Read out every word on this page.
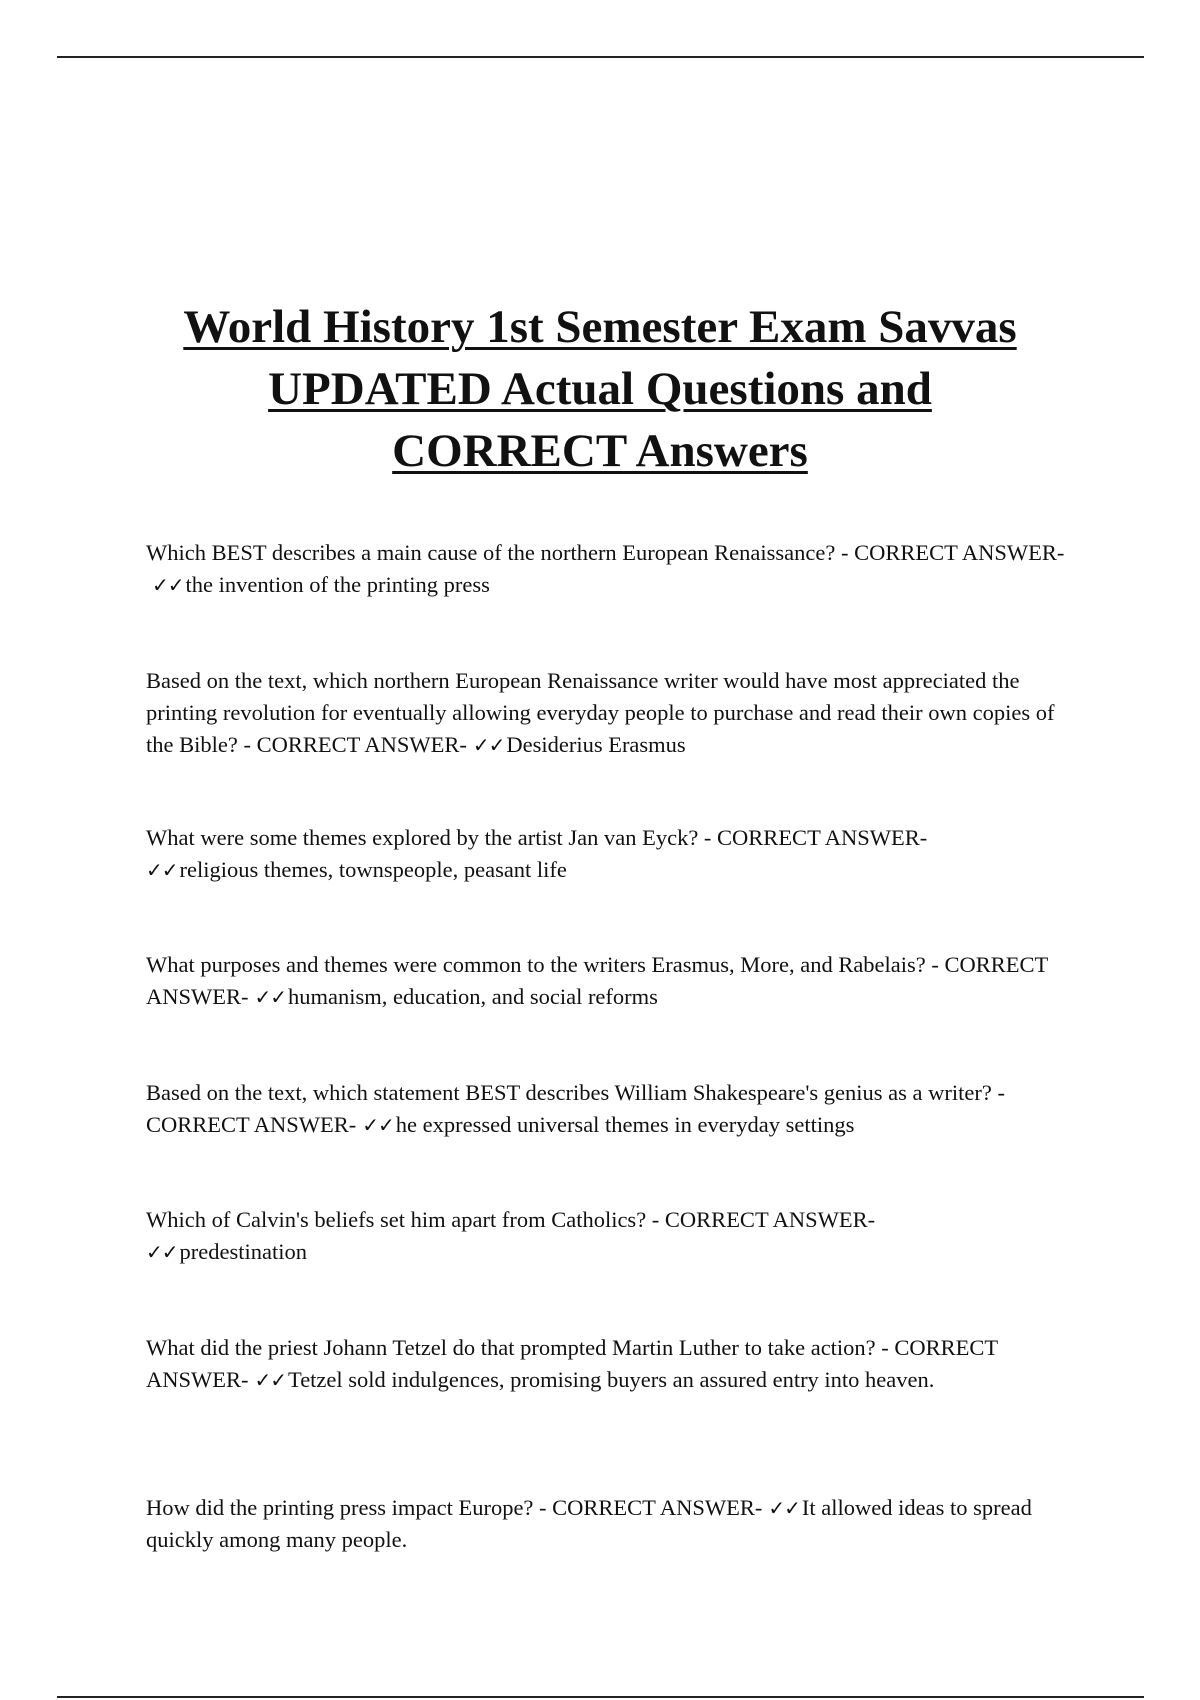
World History 1st Semester Exam Savvas
UPDATED Actual Questions and
CORRECT Answers

Which BEST describes a main cause of the northern European Renaissance? - CORRECT ANSWER-✓✓the invention of the printing press

Based on the text, which northern European Renaissance writer would have most appreciated the printing revolution for eventually allowing everyday people to purchase and read their own copies of the Bible? - CORRECT ANSWER- ✓✓Desiderius Erasmus

What were some themes explored by the artist Jan van Eyck? - CORRECT ANSWER-
✓✓religious themes, townspeople, peasant life

What purposes and themes were common to the writers Erasmus, More, and Rabelais? - CORRECT ANSWER- ✓✓humanism, education, and social reforms

Based on the text, which statement BEST describes William Shakespeare's genius as a writer? - CORRECT ANSWER- ✓✓he expressed universal themes in everyday settings

Which of Calvin's beliefs set him apart from Catholics? - CORRECT ANSWER-
✓✓predestination

What did the priest Johann Tetzel do that prompted Martin Luther to take action? - CORRECT ANSWER- ✓✓Tetzel sold indulgences, promising buyers an assured entry into heaven.

How did the printing press impact Europe? - CORRECT ANSWER- ✓✓It allowed ideas to spread quickly among many people.
